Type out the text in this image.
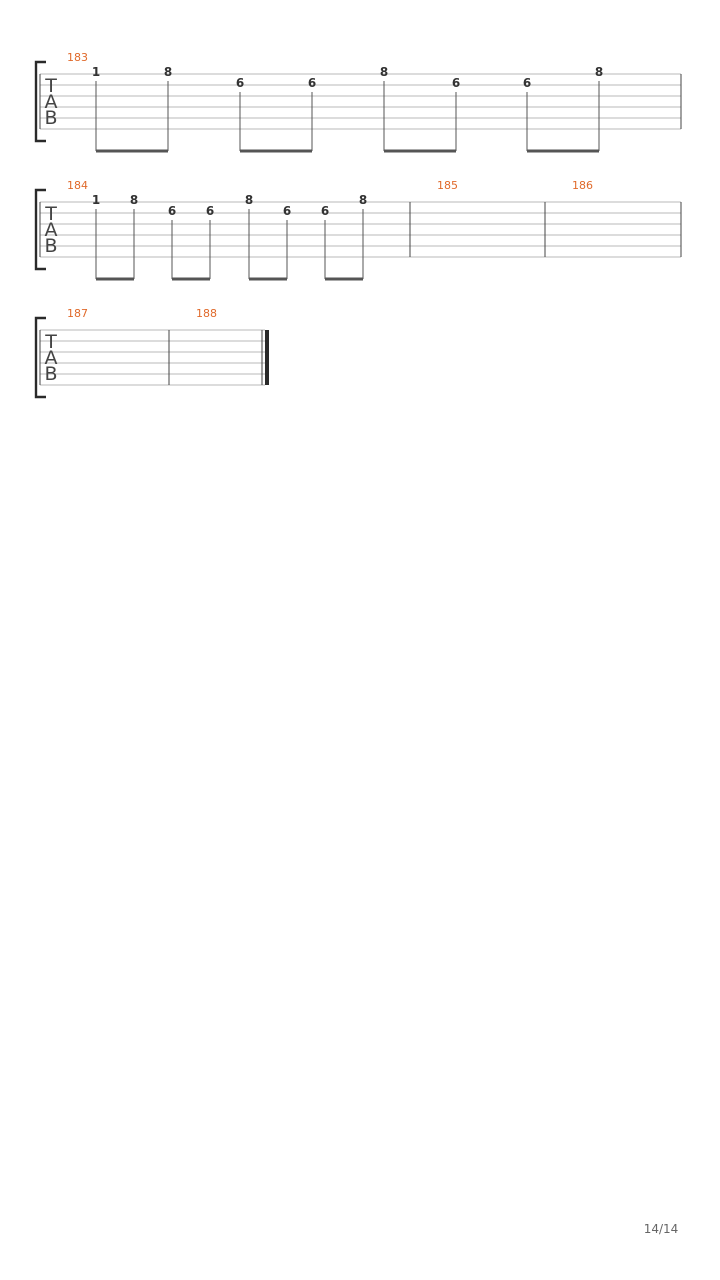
T
A
B
183
1	8
6	6
8
6	6
8
T
A
B
184
1 8
6 6
8
6 6
8
185	186
T
A
B
187	188
14/14
